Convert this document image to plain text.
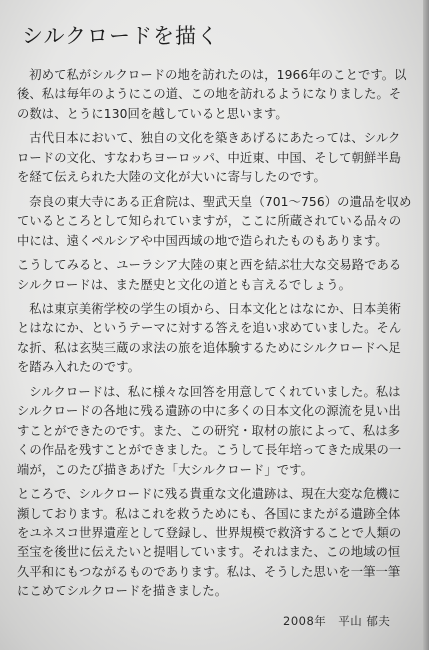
シルクロードを描く

初めて私がシルクロードの地を訪れたのは，1966年のことです。以後、私は毎年のようにこの道、この地を訪れるようになりました。その数は、とうに130回を越していると思います。

古代日本において、独自の文化を築きあげるにあたっては、シルクロードの文化、すなわちヨーロッパ、中近東、中国、そして朝鮮半島を経て伝えられた大陸の文化が大いに寄与したのです。

奈良の東大寺にある正倉院は、聖武天皇（701～756）の遺品を収めているところとして知られていますが，ここに所蔵されている品々の中には、遠くペルシアや中国西域の地で造られたものもあります。

こうしてみると、ユーラシア大陸の東と西を結ぶ壮大な交易路であるシルクロードは、また歴史と文化の道とも言えるでしょう。

私は東京美術学校の学生の頃から、日本文化とはなにか、日本美術とはなにか、というテーマに対する答えを追い求めていました。そんな折、私は玄奘三蔵の求法の旅を追体験するためにシルクロードへ足を踏み入れたのです。

シルクロードは、私に様々な回答を用意してくれていました。私はシルクロードの各地に残る遺跡の中に多くの日本文化の源流を見い出すことができたのです。また、この研究・取材の旅によって、私は多くの作品を残すことができました。こうして長年培ってきた成果の一端が，このたび描きあげた「大シルクロード」です。

ところで、シルクロードに残る貴重な文化遺跡は、現在大変な危機に瀕しております。私はこれを救うためにも、各国にまたがる遺跡全体をユネスコ世界遺産として登録し、世界規模で救済することで人類の至宝を後世に伝えたいと提唱しています。それはまた、この地域の恒久平和にもつながるものであります。私は、そうした思いを一筆一筆にこめてシルクロードを描きました。

2008年　平山 郁夫
